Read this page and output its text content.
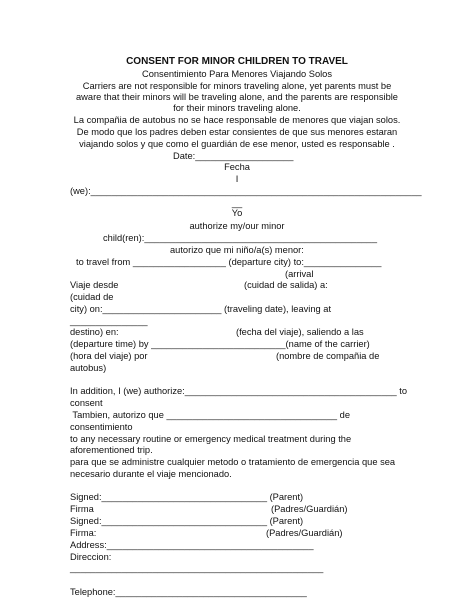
CONSENT FOR MINOR CHILDREN TO TRAVEL
Consentimiento Para Menores Viajando Solos
Carriers are not responsible for minors traveling alone, yet parents must be
aware that their minors will be traveling alone, and the parents are responsible
for their minors traveling alone.
La compañia de autobus no se hace responsable de menores que viajan solos.
De modo que los padres deben estar consientes de que sus menores estaran
viajando solos y que como el guardián de ese menor, usted es responsable .
Date:___________________
Fecha
I
(we):________________________________________________________________
__
Yo
authorize my/our minor
child(ren):_____________________________________________
autorizo que mi niño/a(s) menor:
to travel from __________________ (departure city) to:_______________
(arrival
Viaje desde	(cuidad de salida) a:
(cuidad de
city) on:_______________________ (traveling date), leaving at
_______________
destino) en:	(fecha del viaje), saliendo a las
(departure time) by __________________________(name of the carrier)
(hora del viaje) por	(nombre de compañia de
autobus)
In addition, I (we) authorize:_________________________________________ to
consent
Tambien, autorizo que _________________________________ de
consentimiento
to any necessary routine or emergency medical treatment during the
aforementioned trip.
para que se administre cualquier metodo o tratamiento de emergencia que sea
necesario durante el viaje mencionado.
Signed:________________________________ (Parent)
Firma	(Padres/Guardián)
Signed:________________________________ (Parent)
Firma:	(Padres/Guardián)
Address:________________________________________
Direccion:
_________________________________________________
Telephone:_____________________________________
